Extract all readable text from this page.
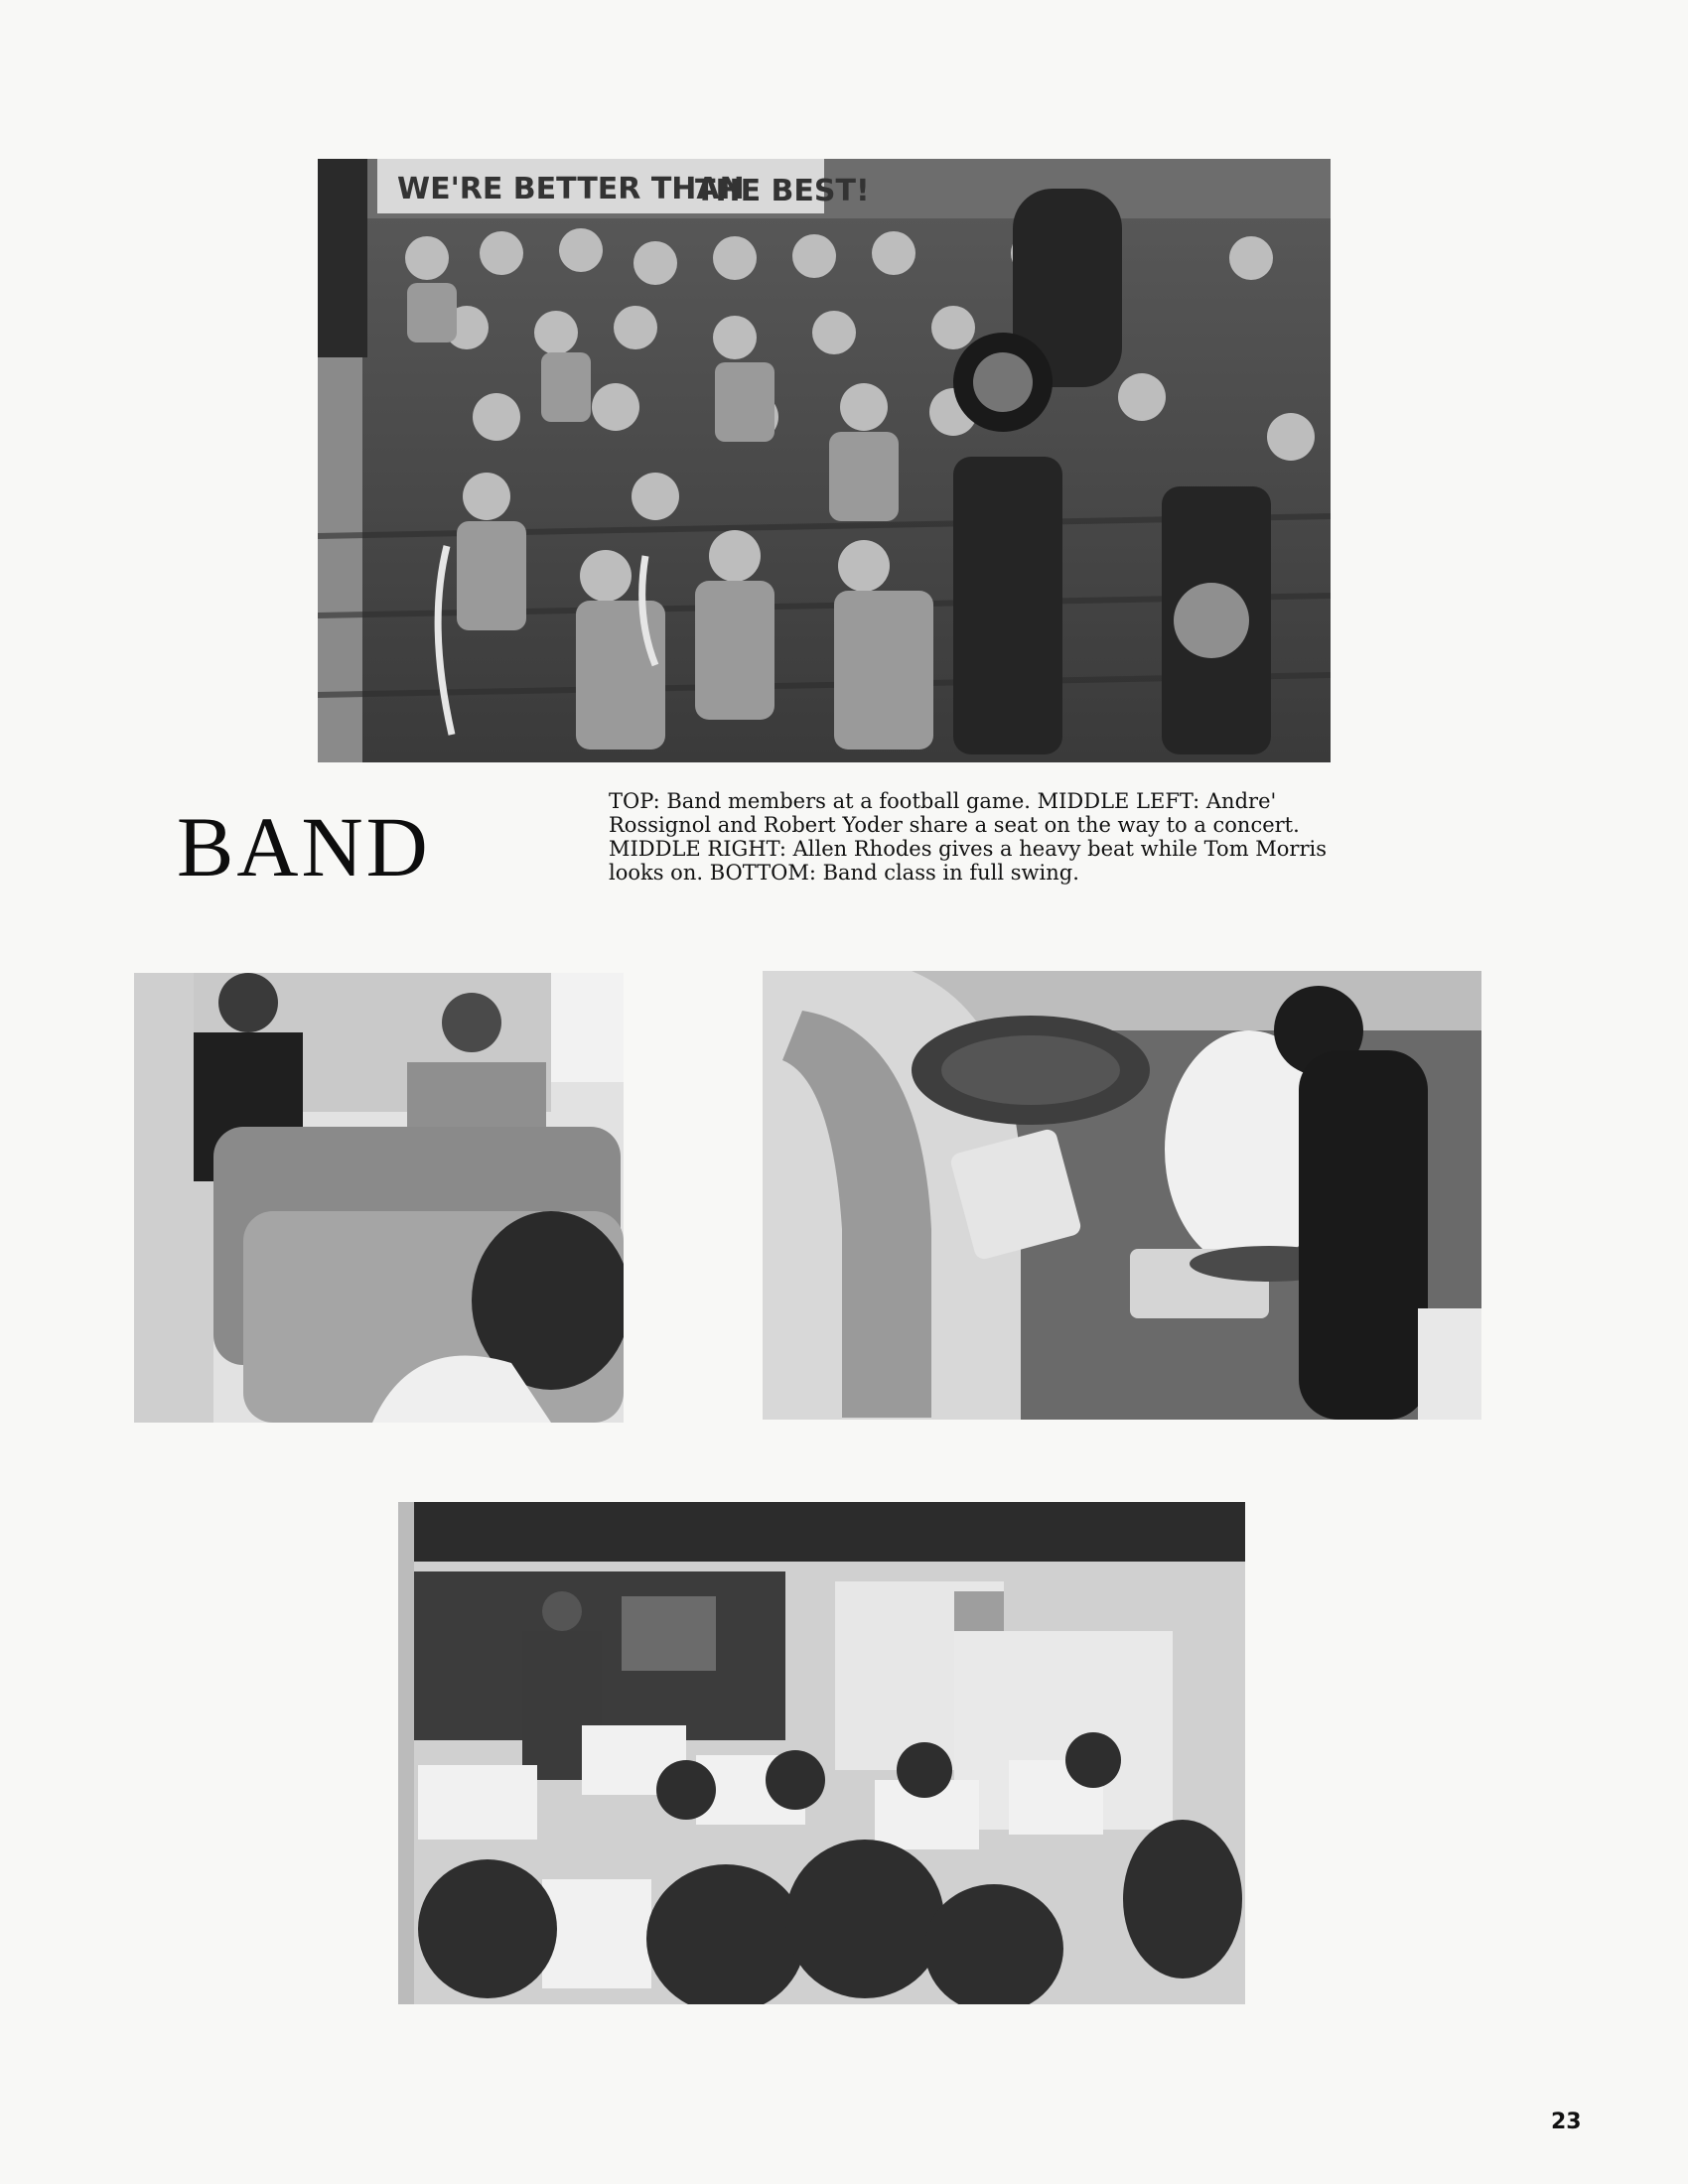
WE'RE BETTER THAN
THE BEST!
BAND	TOP: Band members at a football game. MIDDLE LEFT: Andre' Rossignol and Robert Yoder share a seat on the way to a concert. MIDDLE RIGHT: Allen Rhodes gives a heavy beat while Tom Morris looks on. BOTTOM: Band class in full swing.
23
